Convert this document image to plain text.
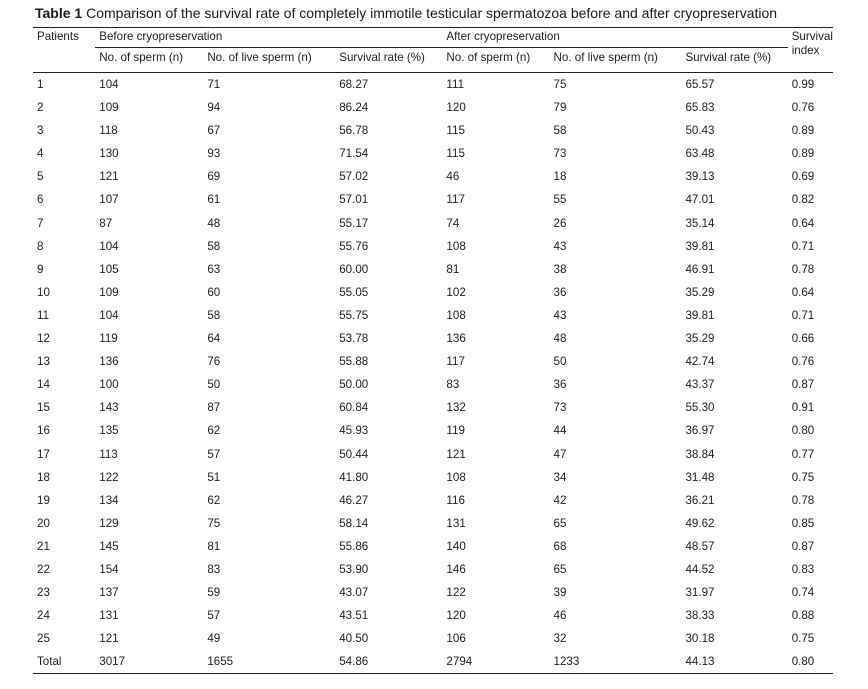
Table 1 Comparison of the survival rate of completely immotile testicular spermatozoa before and after cryopreservation
Patients	Before cryopreservation			After cryopreservation			Survival
index
	No. of sperm (n)	No. of live sperm (n)	Survival rate (%)	No. of sperm (n)	No. of live sperm (n)	Survival rate (%)	
1	104	71	68.27	111	75	65.57	0.99
2	109	94	86.24	120	79	65.83	0.76
3	118	67	56.78	115	58	50.43	0.89
4	130	93	71.54	115	73	63.48	0.89
5	121	69	57.02	46	18	39.13	0.69
6	107	61	57.01	117	55	47.01	0.82
7	87	48	55.17	74	26	35.14	0.64
8	104	58	55.76	108	43	39.81	0.71
9	105	63	60.00	81	38	46.91	0.78
10	109	60	55.05	102	36	35.29	0.64
11	104	58	55.75	108	43	39.81	0.71
12	119	64	53.78	136	48	35.29	0.66
13	136	76	55.88	117	50	42.74	0.76
14	100	50	50.00	83	36	43.37	0.87
15	143	87	60.84	132	73	55.30	0.91
16	135	62	45.93	119	44	36.97	0.80
17	113	57	50.44	121	47	38.84	0.77
18	122	51	41.80	108	34	31.48	0.75
19	134	62	46.27	116	42	36.21	0.78
20	129	75	58.14	131	65	49.62	0.85
21	145	81	55.86	140	68	48.57	0.87
22	154	83	53.90	146	65	44.52	0.83
23	137	59	43.07	122	39	31.97	0.74
24	131	57	43.51	120	46	38.33	0.88
25	121	49	40.50	106	32	30.18	0.75
Total	3017	1655	54.86	2794	1233	44.13	0.80
